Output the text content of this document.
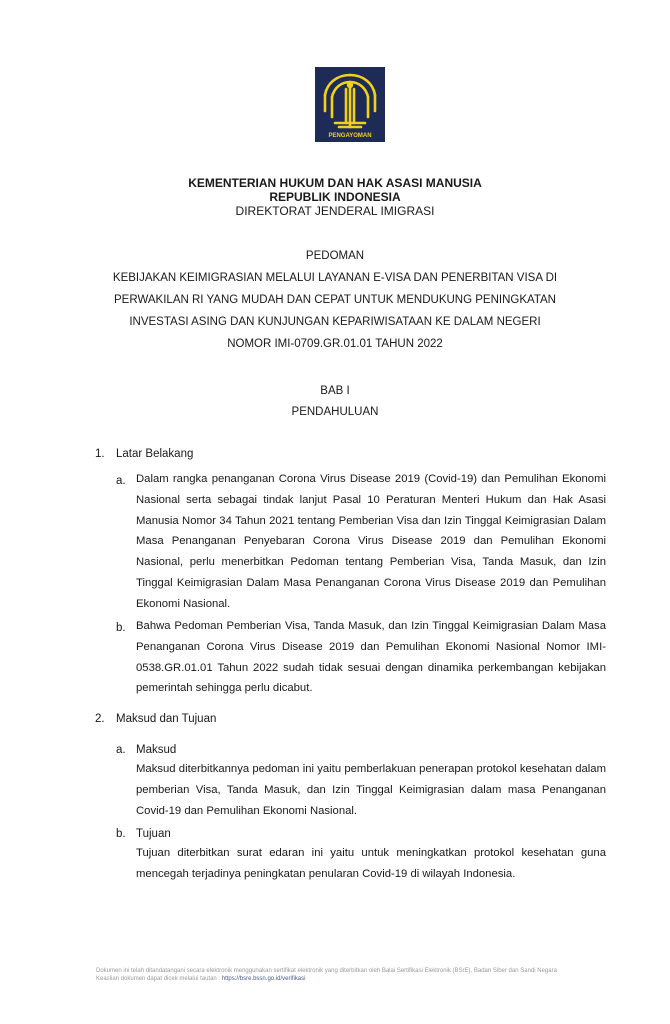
PENGAYOMAN
KEMENTERIAN HUKUM DAN HAK ASASI MANUSIA
REPUBLIK INDONESIA
DIREKTORAT JENDERAL IMIGRASI
PEDOMAN
KEBIJAKAN KEIMIGRASIAN MELALUI LAYANAN E-VISA DAN PENERBITAN VISA DI
PERWAKILAN RI YANG MUDAH DAN CEPAT UNTUK MENDUKUNG PENINGKATAN
INVESTASI ASING DAN KUNJUNGAN KEPARIWISATAAN KE DALAM NEGERI
NOMOR IMI-0709.GR.01.01 TAHUN 2022
BAB I
PENDAHULUAN
1. Latar Belakang
a. Dalam rangka penanganan Corona Virus Disease 2019 (Covid-19) dan Pemulihan Ekonomi Nasional serta sebagai tindak lanjut Pasal 10 Peraturan Menteri Hukum dan Hak Asasi Manusia Nomor 34 Tahun 2021 tentang Pemberian Visa dan Izin Tinggal Keimigrasian Dalam Masa Penanganan Penyebaran Corona Virus Disease 2019 dan Pemulihan Ekonomi Nasional, perlu menerbitkan Pedoman tentang Pemberian Visa, Tanda Masuk, dan Izin Tinggal Keimigrasian Dalam Masa Penanganan Corona Virus Disease 2019 dan Pemulihan Ekonomi Nasional.
b. Bahwa Pedoman Pemberian Visa, Tanda Masuk, dan Izin Tinggal Keimigrasian Dalam Masa Penanganan Corona Virus Disease 2019 dan Pemulihan Ekonomi Nasional Nomor IMI-0538.GR.01.01 Tahun 2022 sudah tidak sesuai dengan dinamika perkembangan kebijakan pemerintah sehingga perlu dicabut.
2. Maksud dan Tujuan
a. Maksud
Maksud diterbitkannya pedoman ini yaitu pemberlakuan penerapan protokol kesehatan dalam pemberian Visa, Tanda Masuk, dan Izin Tinggal Keimigrasian dalam masa Penanganan Covid-19 dan Pemulihan Ekonomi Nasional.
b. Tujuan
Tujuan diterbitkan surat edaran ini yaitu untuk meningkatkan protokol kesehatan guna mencegah terjadinya peningkatan penularan Covid-19 di wilayah Indonesia.
Dokumen ini telah ditandatangani secara elektronik menggunakan sertifikat elektronik yang diterbitkan oleh Balai Sertifikasi Elektronik (BSrE), Badan Siber dan Sandi Negara
Keaslian dokumen dapat dicek melalui tautan : https://bsre.bssn.go.id/verifikasi
